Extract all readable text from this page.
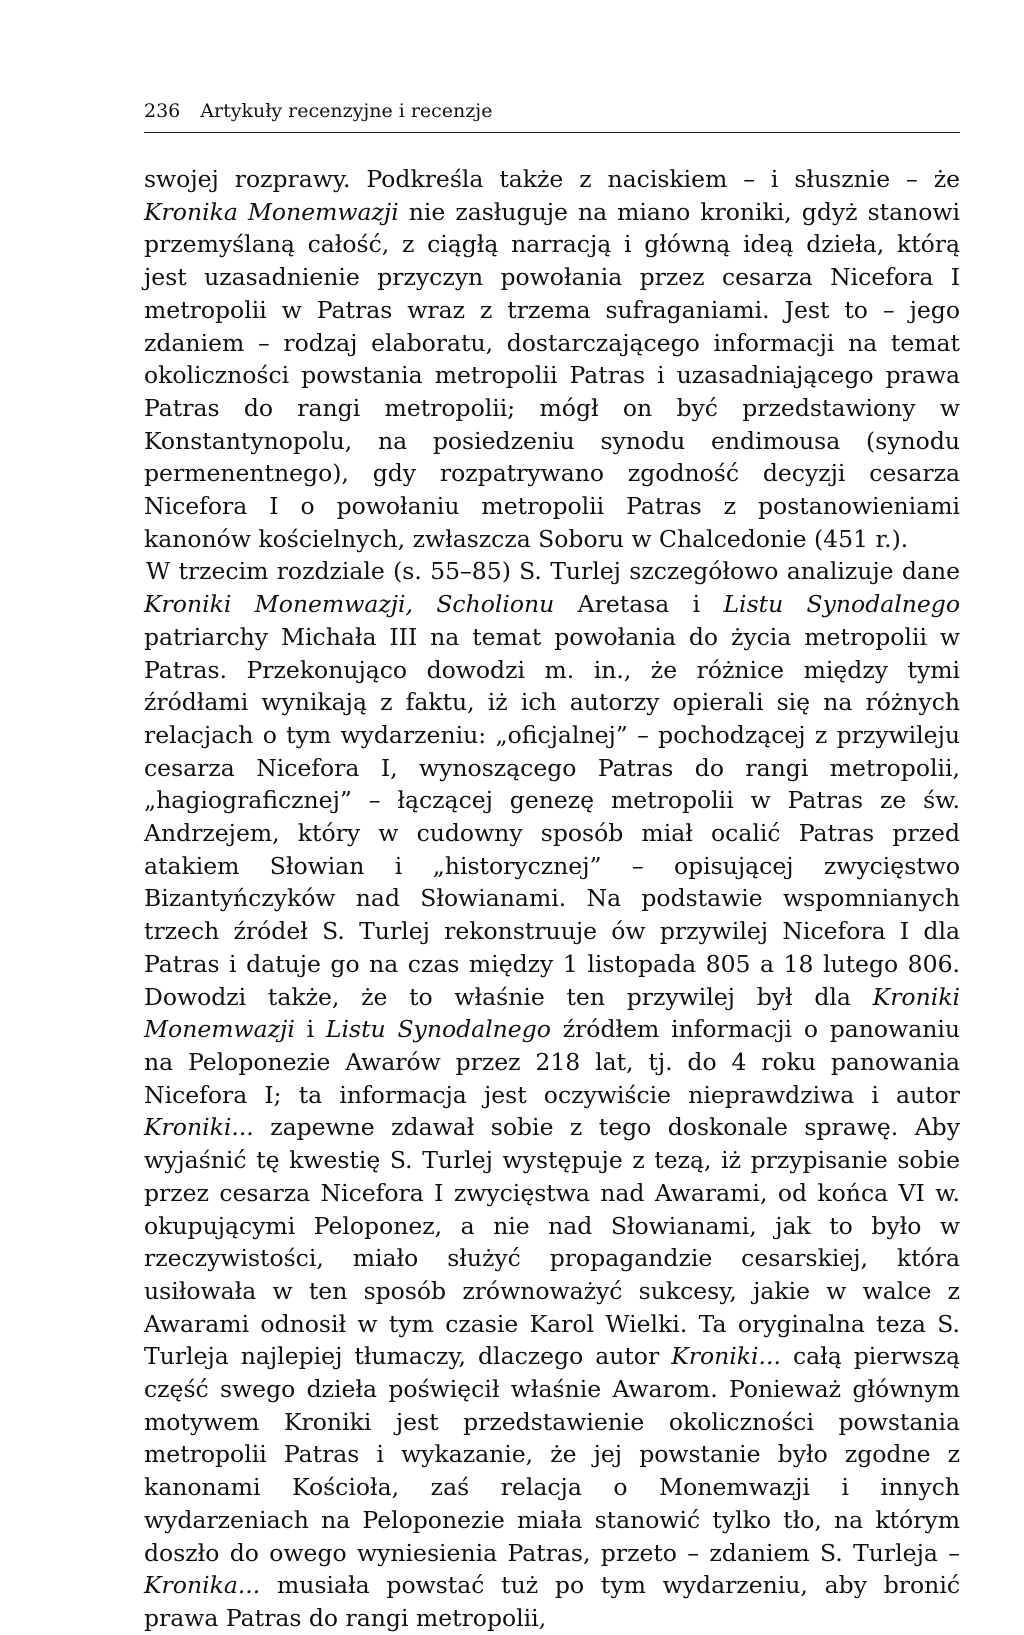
236 Artykuły recenzyjne i recenzje

swojej rozprawy. Podkreśla także z naciskiem – i słusznie – że Kronika Monemwazji nie zasługuje na miano kroniki, gdyż stanowi przemyślaną całość, z ciągłą narracją i główną ideą dzieła, którą jest uzasadnienie przyczyn powołania przez cesarza Nicefora I metropolii w Patras wraz z trzema sufraganiami. Jest to – jego zdaniem – rodzaj elaboratu, dostarczającego informacji na temat okoliczności powstania metropolii Patras i uzasadniającego prawa Patras do rangi metropolii; mógł on być przedstawiony w Konstantynopolu, na posiedzeniu synodu endimousa (synodu permenentnego), gdy rozpatrywano zgodność decyzji cesarza Nicefora I o powołaniu metropolii Patras z postanowieniami kanonów kościelnych, zwłaszcza Soboru w Chalcedonie (451 r.).

W trzecim rozdziale (s. 55–85) S. Turlej szczegółowo analizuje dane Kroniki Monemwazji, Scholionu Aretasa i Listu Synodalnego patriarchy Michała III na temat powołania do życia metropolii w Patras. Przekonująco dowodzi m. in., że różnice między tymi źródłami wynikają z faktu, iż ich autorzy opierali się na różnych relacjach o tym wydarzeniu: „oficjalnej” – pochodzącej z przywileju cesarza Nicefora I, wynoszącego Patras do rangi metropolii, „hagiograficznej” – łączącej genezę metropolii w Patras ze św. Andrzejem, który w cudowny sposób miał ocalić Patras przed atakiem Słowian i „historycznej” – opisującej zwycięstwo Bizantyńczyków nad Słowianami. Na podstawie wspomnianych trzech źródeł S. Turlej rekonstruuje ów przywilej Nicefora I dla Patras i datuje go na czas między 1 listopada 805 a 18 lutego 806. Dowodzi także, że to właśnie ten przywilej był dla Kroniki Monemwazji i Listu Synodalnego źródłem informacji o panowaniu na Peloponezie Awarów przez 218 lat, tj. do 4 roku panowania Nicefora I; ta informacja jest oczywiście nieprawdziwa i autor Kroniki... zapewne zdawał sobie z tego doskonale sprawę. Aby wyjaśnić tę kwestię S. Turlej występuje z tezą, iż przypisanie sobie przez cesarza Nicefora I zwycięstwa nad Awarami, od końca VI w. okupującymi Peloponez, a nie nad Słowianami, jak to było w rzeczywistości, miało służyć propagandzie cesarskiej, która usiłowała w ten sposób zrównoważyć sukcesy, jakie w walce z Awarami odnosił w tym czasie Karol Wielki. Ta oryginalna teza S. Turleja najlepiej tłumaczy, dlaczego autor Kroniki... całą pierwszą część swego dzieła poświęcił właśnie Awarom. Ponieważ głównym motywem Kroniki jest przedstawienie okoliczności powstania metropolii Patras i wykazanie, że jej powstanie było zgodne z kanonami Kościoła, zaś relacja o Monemwazji i innych wydarzeniach na Peloponezie miała stanowić tylko tło, na którym doszło do owego wyniesienia Patras, przeto – zdaniem S. Turleja – Kronika... musiała powstać tuż po tym wydarzeniu, aby bronić prawa Patras do rangi metropolii,
